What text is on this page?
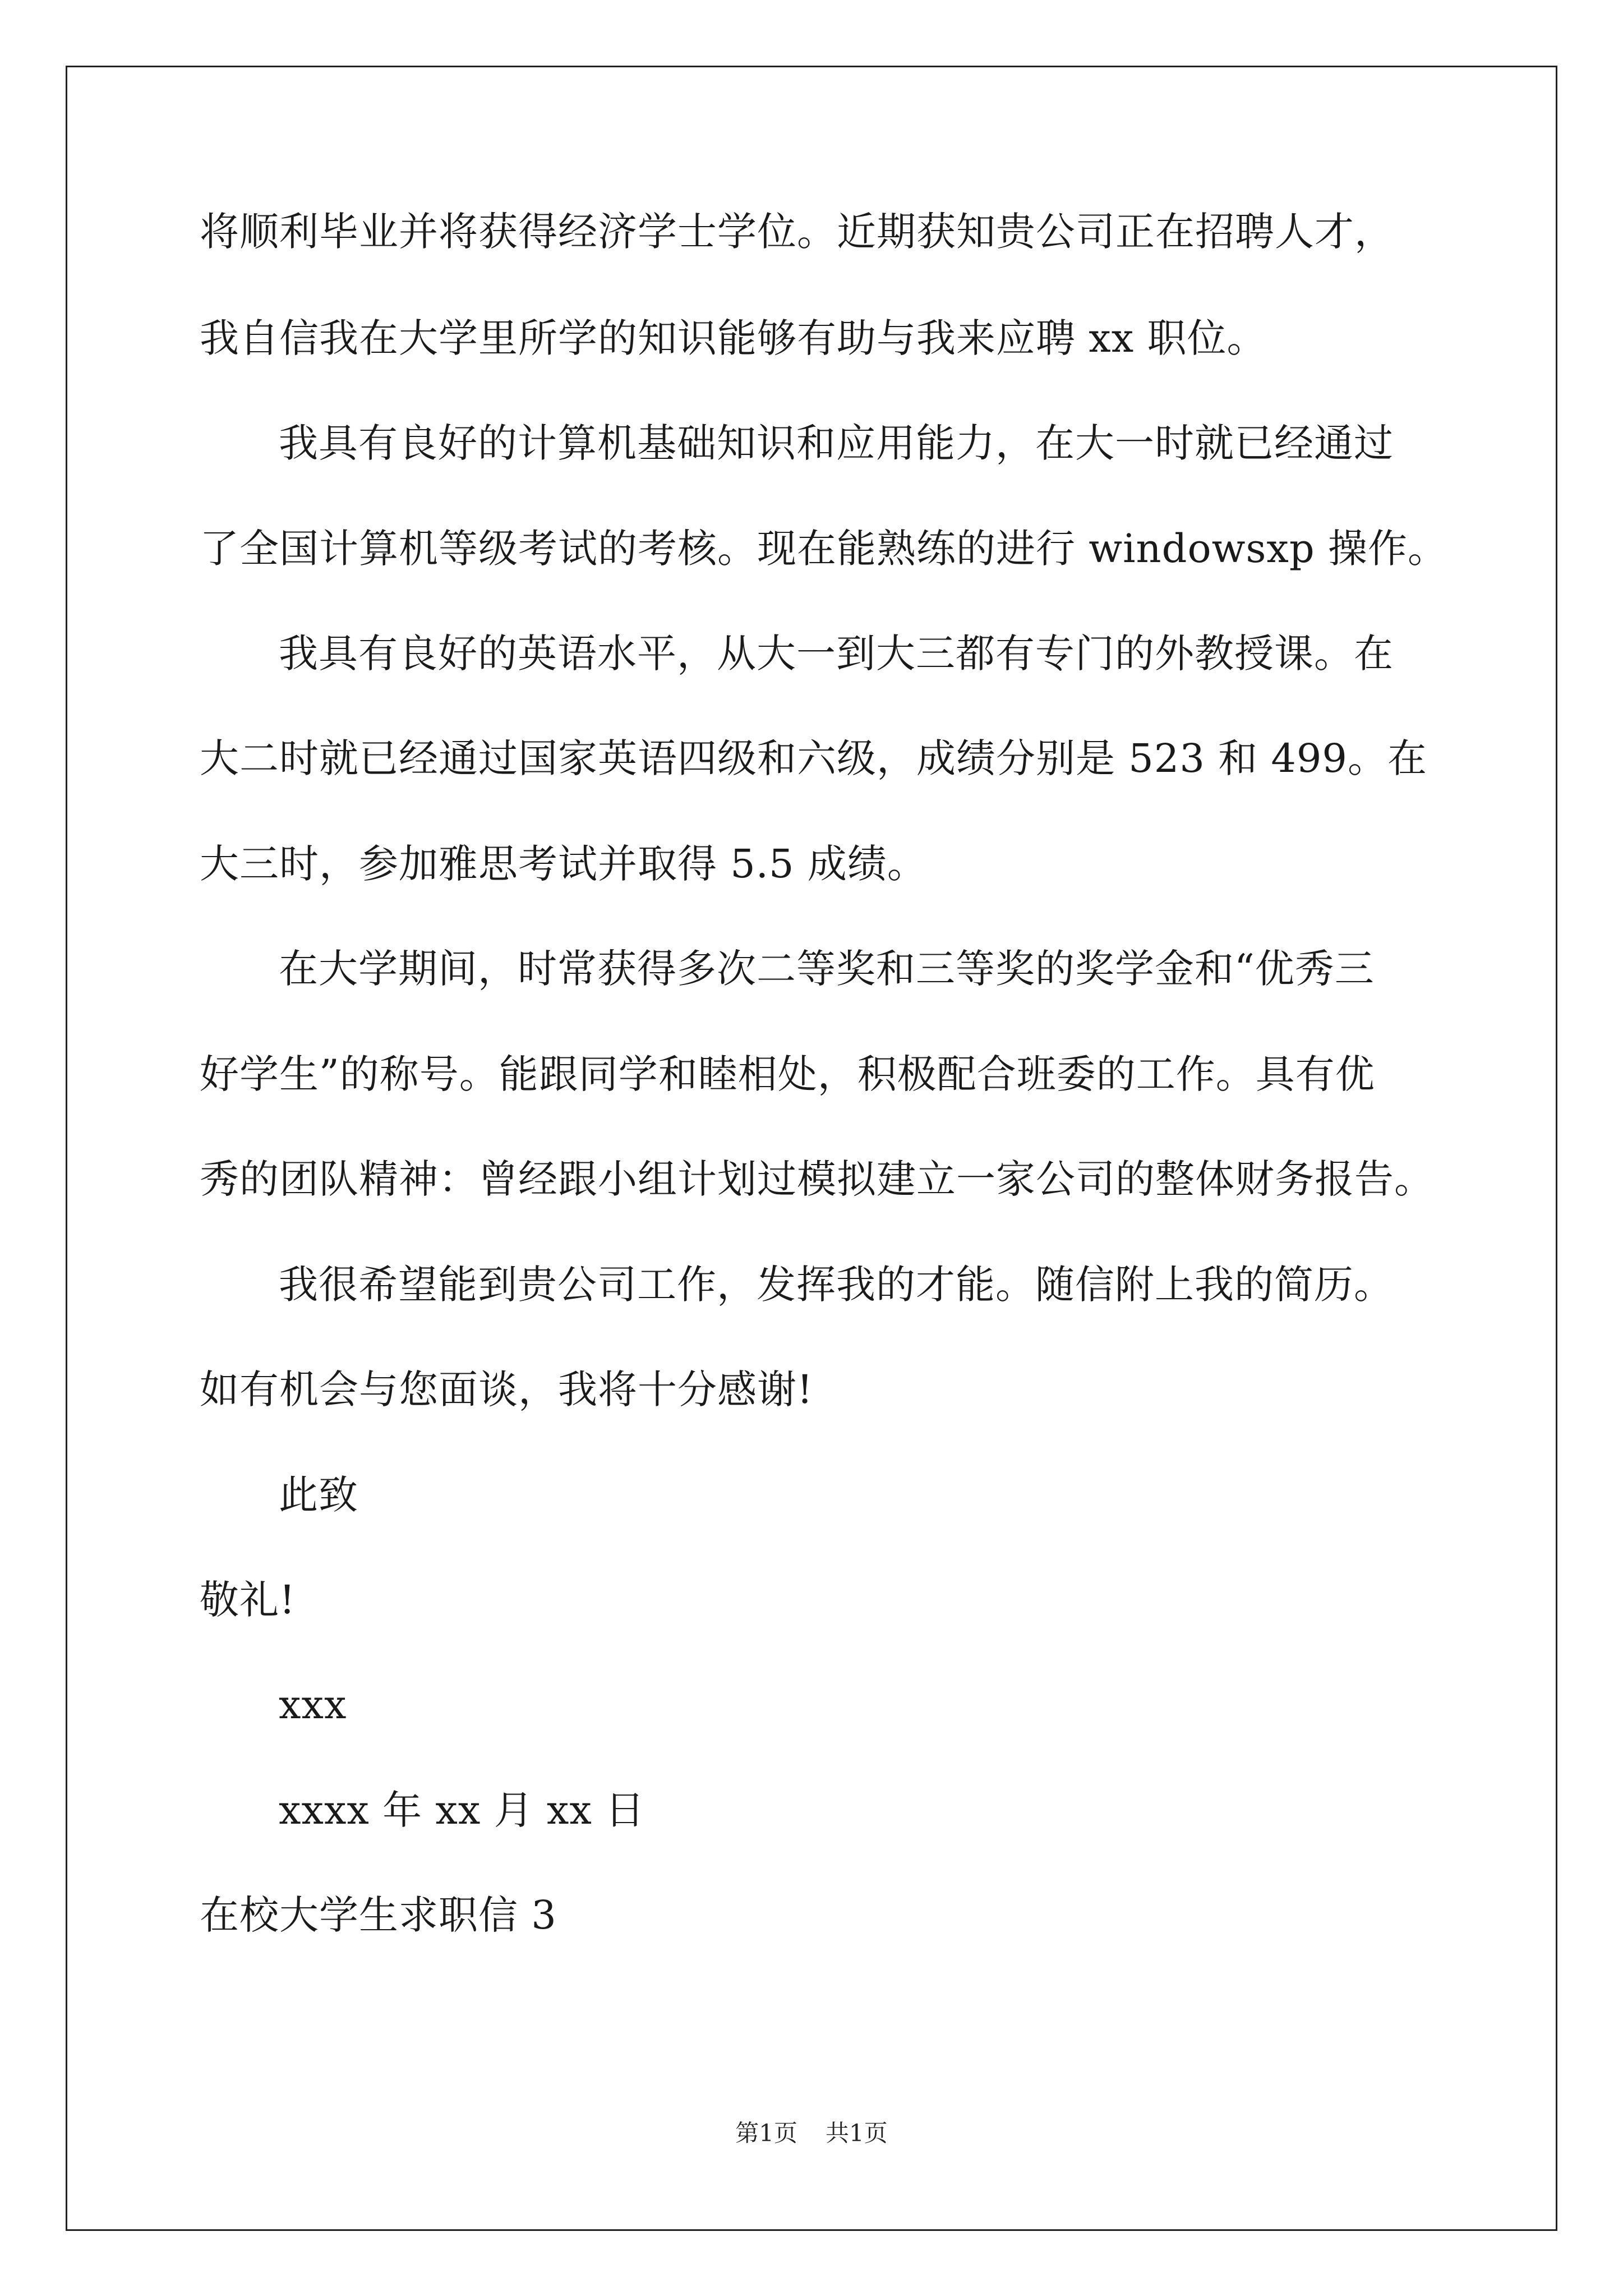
将顺利毕业并将获得经济学士学位。近期获知贵公司正在招聘人才，
我自信我在大学里所学的知识能够有助与我来应聘 xx 职位。
我具有良好的计算机基础知识和应用能力，在大一时就已经通过
了全国计算机等级考试的考核。现在能熟练的进行 windowsxp 操作。
我具有良好的英语水平，从大一到大三都有专门的外教授课。在
大二时就已经通过国家英语四级和六级，成绩分别是 523 和 499。在
大三时，参加雅思考试并取得 5.5 成绩。
在大学期间，时常获得多次二等奖和三等奖的奖学金和“优秀三
好学生”的称号。能跟同学和睦相处，积极配合班委的工作。具有优
秀的团队精神：曾经跟小组计划过模拟建立一家公司的整体财务报告。
我很希望能到贵公司工作，发挥我的才能。随信附上我的简历。
如有机会与您面谈，我将十分感谢!
此致
敬礼!
xxx
xxxx 年 xx 月 xx 日
在校大学生求职信 3
第1页 共1页
